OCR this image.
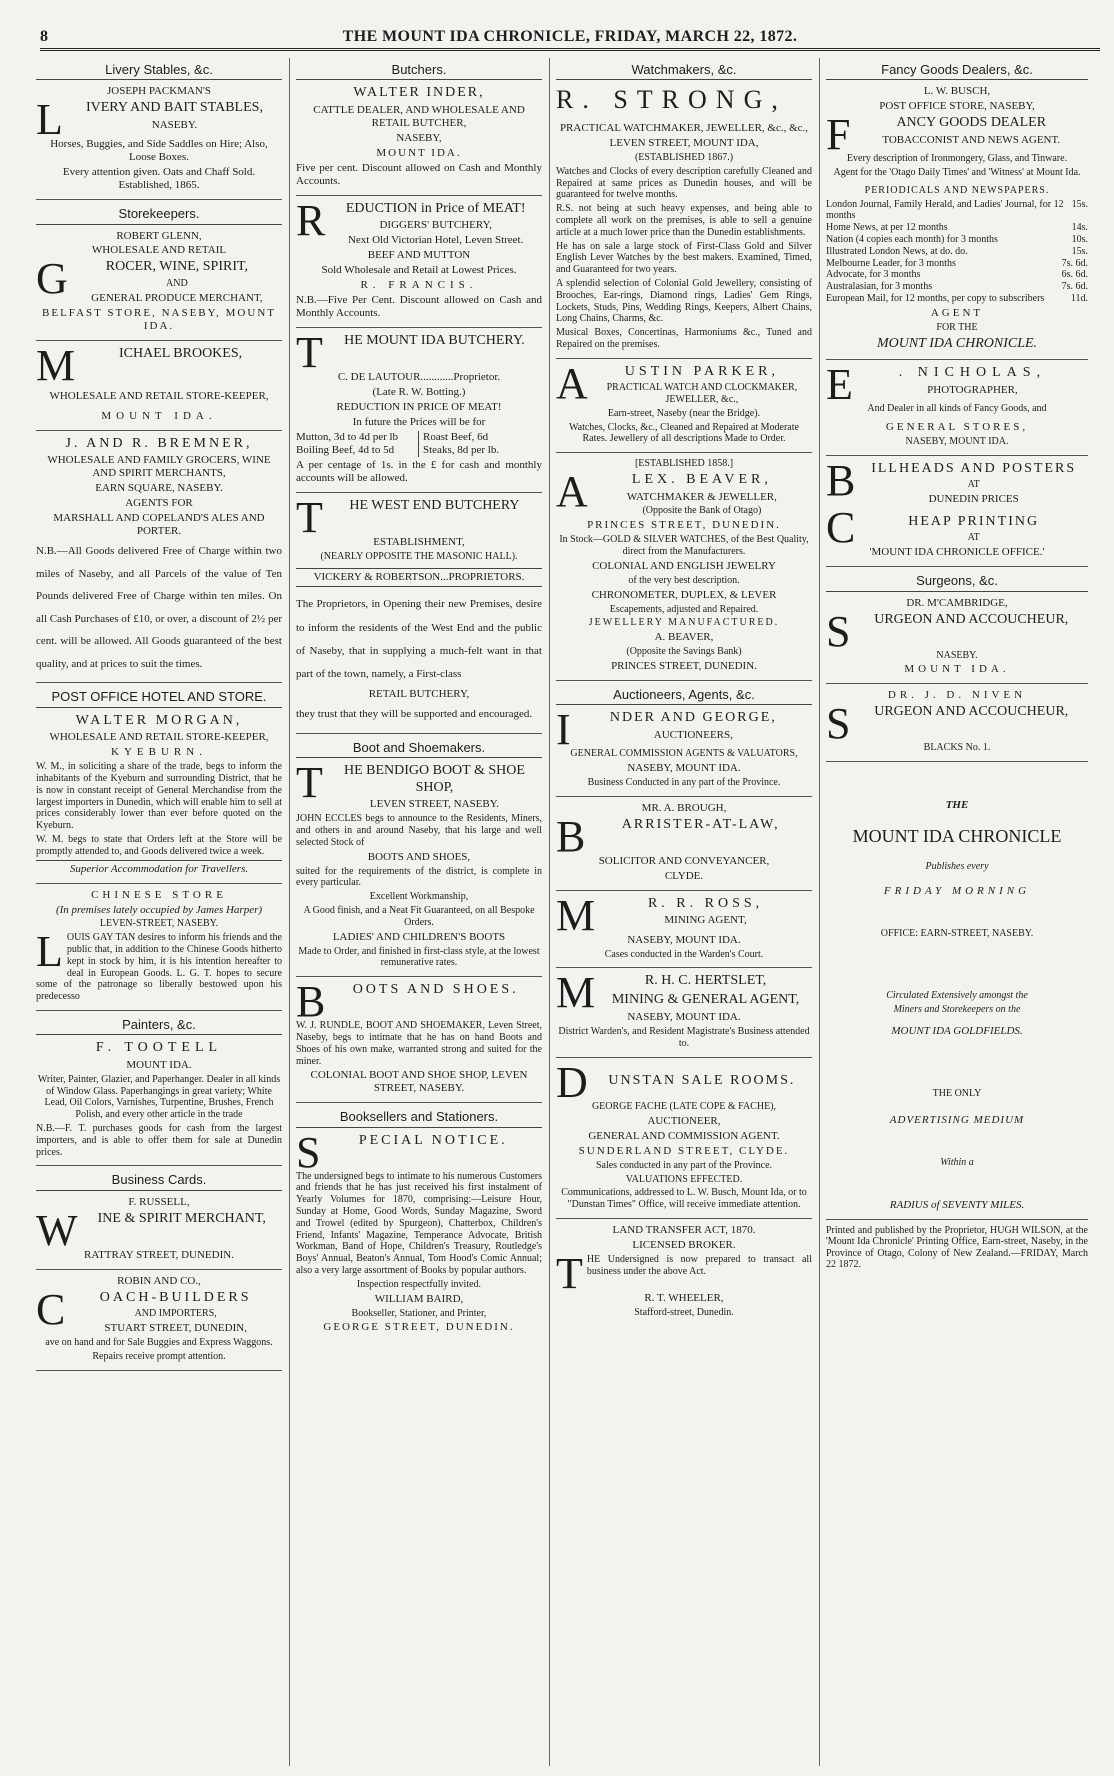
8	THE MOUNT IDA CHRONICLE, FRIDAY, MARCH 22, 1872.
Livery Stables, &c.

JOSEPH PACKMAN'S

L	IVERY AND BAIT STABLES,

NASEBY.

Horses, Buggies, and Side Saddles on Hire; Also, Loose Boxes.

Every attention given. Oats and Chaff Sold. Established, 1865.

Storekeepers.

ROBERT GLENN,

WHOLESALE AND RETAIL

G	ROCER, WINE, SPIRIT,

AND

GENERAL PRODUCE MERCHANT,

BELFAST STORE, NASEBY, MOUNT IDA.

M	ICHAEL BROOKES,

WHOLESALE AND RETAIL STORE-KEEPER,

MOUNT IDA.

J. AND R. BREMNER,

WHOLESALE AND FAMILY GROCERS, WINE AND SPIRIT MERCHANTS,

EARN SQUARE, NASEBY.

AGENTS FOR

MARSHALL AND COPELAND'S ALES AND PORTER.

N.B.—All Goods delivered Free of Charge within two miles of Naseby, and all Parcels of the value of Ten Pounds delivered Free of Charge within ten miles. On all Cash Purchases of £10, or over, a discount of 2½ per cent. will be allowed. All Goods guaranteed of the best quality, and at prices to suit the times.

POST OFFICE HOTEL AND STORE.

WALTER MORGAN,

WHOLESALE AND RETAIL STORE-KEEPER,

KYEBURN.

W. M., in soliciting a share of the trade, begs to inform the inhabitants of the Kyeburn and surrounding District, that he is now in constant receipt of General Merchandise from the largest importers in Dunedin, which will enable him to sell at prices considerably lower than ever before quoted on the Kyeburn.

W. M. begs to state that Orders left at the Store will be promptly attended to, and Goods delivered twice a week.

Superior Accommodation for Travellers.

CHINESE STORE

(In premises lately occupied by James Harper)

LEVEN-STREET, NASEBY.

L OUIS GAY TAN desires to inform his friends and the public that, in addition to the Chinese Goods hitherto kept in stock by him, it is his intention hereafter to deal in European Goods. L. G. T. hopes to secure some of the patronage so liberally bestowed upon his predecesso

Painters, &c.

F. TOOTELL

MOUNT IDA.

Writer, Painter, Glazier, and Paperhanger. Dealer in all kinds of Window Glass. Paperhangings in great variety; White Lead, Oil Colors, Varnishes, Turpentine, Brushes, French Polish, and every other article in the trade

N.B.—F. T. purchases goods for cash from the largest importers, and is able to offer them for sale at Dunedin prices.

Business Cards.

F. RUSSELL,

W	INE & SPIRIT MERCHANT,

RATTRAY STREET, DUNEDIN.

ROBIN AND CO.,

C	OACH-BUILDERS

AND IMPORTERS,

STUART STREET, DUNEDIN,

ave on hand and for Sale Buggies and Express Waggons.

Repairs receive prompt attention.

Butchers.

WALTER INDER,

CATTLE DEALER, AND WHOLESALE AND RETAIL BUTCHER,

NASEBY,

MOUNT IDA.

Five per cent. Discount allowed on Cash and Monthly Accounts.

R	EDUCTION in Price of MEAT!

DIGGERS' BUTCHERY,

Next Old Victorian Hotel, Leven Street.

BEEF AND MUTTON

Sold Wholesale and Retail at Lowest Prices.

R. FRANCIS.

N.B.—Five Per Cent. Discount allowed on Cash and Monthly Accounts.

T	HE MOUNT IDA BUTCHERY.

C. DE LAUTOUR............Proprietor.

(Late R. W. Botting.)

REDUCTION IN PRICE OF MEAT!

In future the Prices will be for

Mutton, 3d to 4d per lb	Roast Beef, 6d
Boiling Beef, 4d to 5d	Steaks, 8d per lb.

A per centage of 1s. in the £ for cash and monthly accounts will be allowed.

T	HE WEST END BUTCHERY

ESTABLISHMENT,

(NEARLY OPPOSITE THE MASONIC HALL).

VICKERY & ROBERTSON...PROPRIETORS.

The Proprietors, in Opening their new Premises, desire to inform the residents of the West End and the public of Naseby, that in supplying a much-felt want in that part of the town, namely, a First-class

RETAIL BUTCHERY,

they trust that they will be supported and encouraged.

Boot and Shoemakers.
T	HE BENDIGO BOOT & SHOE SHOP,

LEVEN STREET, NASEBY.

JOHN ECCLES begs to announce to the Residents, Miners, and others in and around Naseby, that his large and well selected Stock of

BOOTS AND SHOES,

suited for the requirements of the district, is complete in every particular.

Excellent Workmanship,

A Good finish, and a Neat Fit Guaranteed, on all Bespoke Orders.

LADIES' AND CHILDREN'S BOOTS

Made to Order, and finished in first-class style, at the lowest remunerative rates.

B	OOTS AND SHOES.

W. J. RUNDLE, BOOT AND SHOEMAKER, Leven Street, Naseby, begs to intimate that he has on hand Boots and Shoes of his own make, warranted strong and suited for the miner.

COLONIAL BOOT AND SHOE SHOP, LEVEN STREET, NASEBY.

Booksellers and Stationers.
S	PECIAL NOTICE.

The undersigned begs to intimate to his numerous Customers and friends that he has just received his first instalment of Yearly Volumes for 1870, comprising:—Leisure Hour, Sunday at Home, Good Words, Sunday Magazine, Sword and Trowel (edited by Spurgeon), Chatterbox, Children's Friend, Infants' Magazine, Temperance Advocate, British Workman, Band of Hope, Children's Treasury, Routledge's Boys' Annual, Beaton's Annual, Tom Hood's Comic Annual; also a very large assortment of Books by popular authors.

Inspection respectfully invited.

WILLIAM BAIRD,

Bookseller, Stationer, and Printer,

GEORGE STREET, DUNEDIN.

Watchmakers, &c.

R. STRONG,

PRACTICAL WATCHMAKER, JEWELLER, &c., &c.,

LEVEN STREET, MOUNT IDA,

(ESTABLISHED 1867.)

Watches and Clocks of every description carefully Cleaned and Repaired at same prices as Dunedin houses, and will be guaranteed for twelve months.

R.S. not being at such heavy expenses, and being able to complete all work on the premises, is able to sell a genuine article at a much lower price than the Dunedin establishments.

He has on sale a large stock of First-Class Gold and Silver English Lever Watches by the best makers. Examined, Timed, and Guaranteed for two years.

A splendid selection of Colonial Gold Jewellery, consisting of Brooches, Ear-rings, Diamond rings, Ladies' Gem Rings, Lockets, Studs, Pins, Wedding Rings, Keepers, Albert Chains, Long Chains, Charms, &c.

Musical Boxes, Concertinas, Harmoniums &c., Tuned and Repaired on the premises.

A	USTIN PARKER,

PRACTICAL WATCH AND CLOCKMAKER, JEWELLER, &c.,

Earn-street, Naseby (near the Bridge).

Watches, Clocks, &c., Cleaned and Repaired at Moderate Rates. Jewellery of all descriptions Made to Order.

[ESTABLISHED 1858.]

A	LEX. BEAVER,

WATCHMAKER & JEWELLER,

(Opposite the Bank of Otago)

PRINCES STREET, DUNEDIN.

In Stock—GOLD & SILVER WATCHES, of the Best Quality, direct from the Manufacturers.

COLONIAL AND ENGLISH JEWELRY

of the very best description.

CHRONOMETER, DUPLEX, & LEVER

Escapements, adjusted and Repaired.

JEWELLERY MANUFACTURED.

A. BEAVER,

(Opposite the Savings Bank)

PRINCES STREET, DUNEDIN.

Auctioneers, Agents, &c.
I	NDER AND GEORGE,

AUCTIONEERS,

GENERAL COMMISSION AGENTS & VALUATORS,

NASEBY, MOUNT IDA.

Business Conducted in any part of the Province.

MR. A. BROUGH,

B	ARRISTER-AT-LAW,

SOLICITOR AND CONVEYANCER,

CLYDE.

M	R. R. ROSS,

MINING AGENT,

NASEBY, MOUNT IDA.

Cases conducted in the Warden's Court.

M	R. H. C. HERTSLET,

MINING & GENERAL AGENT,

NASEBY, MOUNT IDA.

District Warden's, and Resident Magistrate's Business attended to.

D	UNSTAN SALE ROOMS.

GEORGE FACHE (LATE COPE & FACHE),

AUCTIONEER,

GENERAL AND COMMISSION AGENT.

SUNDERLAND STREET, CLYDE.

Sales conducted in any part of the Province.

VALUATIONS EFFECTED.

Communications, addressed to L. W. Busch, Mount Ida, or to "Dunstan Times" Office, will receive immediate attention.

LAND TRANSFER ACT, 1870.

LICENSED BROKER.

T HE Undersigned is now prepared to transact all business under the above Act.

R. T. WHEELER,

Stafford-street, Dunedin.

Fancy Goods Dealers, &c.

L. W. BUSCH,

POST OFFICE STORE, NASEBY,

F	ANCY GOODS DEALER

TOBACCONIST AND NEWS AGENT.

Every description of Ironmongery, Glass, and Tinware.

Agent for the 'Otago Daily Times' and 'Witness' at Mount Ida.

PERIODICALS AND NEWSPAPERS.

London Journal, Family Herald, and Ladies' Journal, for 12 months
15s.
Home News, at per 12 months	14s.
Nation (4 copies each month) for 3 months	10s.
Illustrated London News, at do. do.	15s.
Melbourne Leader, for 3 months	7s. 6d.
Advocate, for 3 months	6s. 6d.
Australasian, for 3 months	7s. 6d.
European Mail, for 12 months, per copy to subscribers	11d.

AGENT

FOR THE

MOUNT IDA CHRONICLE.

E	. NICHOLAS,

PHOTOGRAPHER,

And Dealer in all kinds of Fancy Goods, and

GENERAL STORES,

NASEBY, MOUNT IDA.

B	ILLHEADS AND POSTERS

AT

DUNEDIN PRICES

C	HEAP PRINTING

AT

'MOUNT IDA CHRONICLE OFFICE.'

Surgeons, &c.

DR. M'CAMBRIDGE,

S	URGEON AND ACCOUCHEUR,

NASEBY.

MOUNT IDA.

DR. J. D. NIVEN

S	URGEON AND ACCOUCHEUR,

BLACKS No. 1.

THE

MOUNT IDA CHRONICLE

Publishes every

FRIDAY MORNING

OFFICE: EARN-STREET, NASEBY.

Circulated Extensively amongst the

Miners and Storekeepers on the

MOUNT IDA GOLDFIELDS.

THE ONLY

ADVERTISING MEDIUM

Within a

RADIUS of SEVENTY MILES.

Printed and published by the Proprietor, HUGH WILSON, at the 'Mount Ida Chronicle' Printing Office, Earn-street, Naseby, in the Province of Otago, Colony of New Zealand.—FRIDAY, March 22 1872.
